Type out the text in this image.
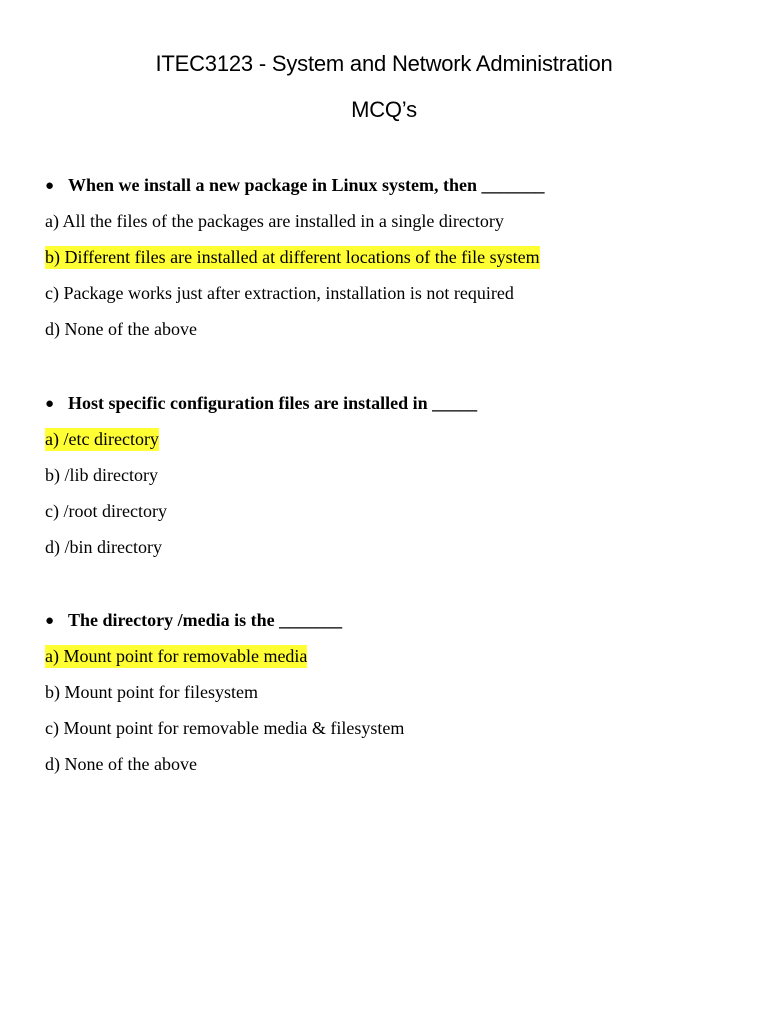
ITEC3123 - System and Network Administration
MCQ’s

● When we install a new package in Linux system, then _______

a) All the files of the packages are installed in a single directory

b) Different files are installed at different locations of the file system

c) Package works just after extraction, installation is not required

d) None of the above

● Host specific configuration files are installed in _____

a) /etc directory

b) /lib directory

c) /root directory

d) /bin directory

● The directory /media is the _______

a) Mount point for removable media

b) Mount point for filesystem

c) Mount point for removable media & filesystem

d) None of the above
